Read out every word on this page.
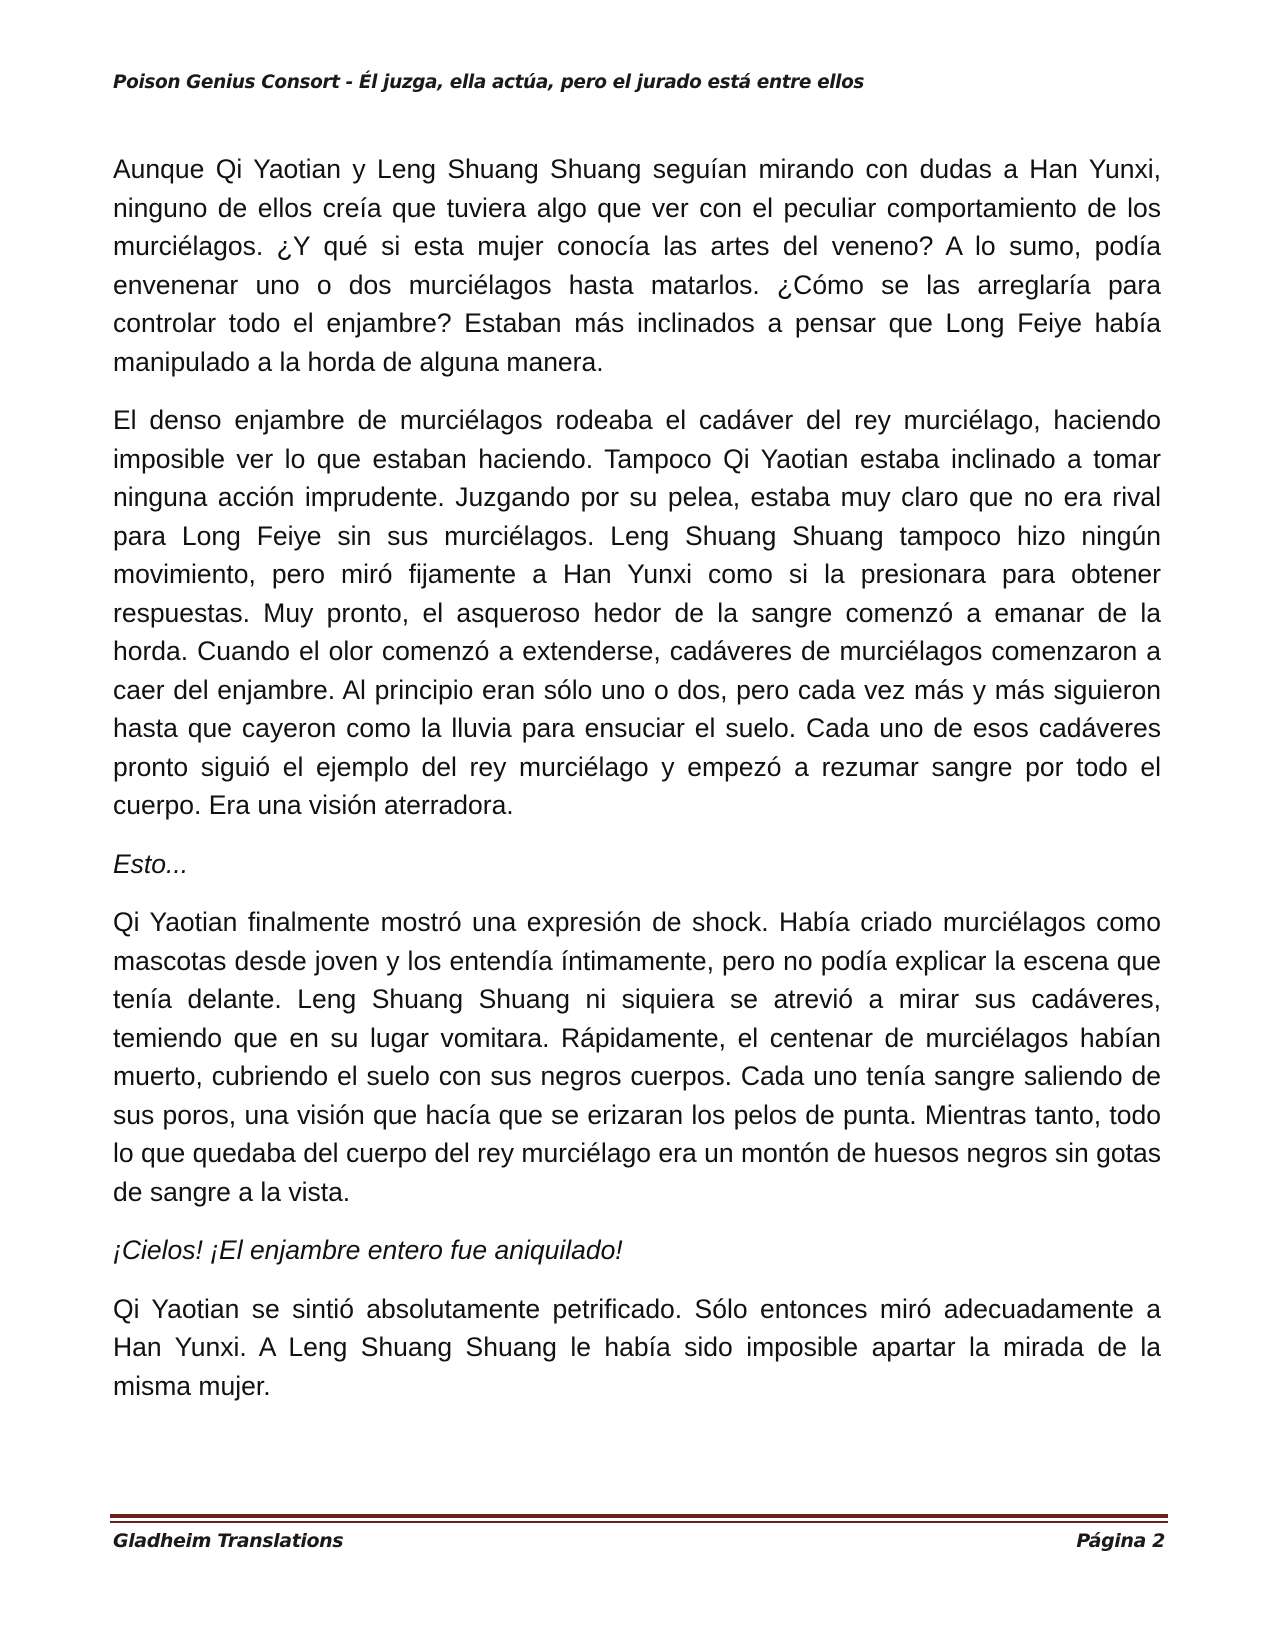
Poison Genius Consort - Él juzga, ella actúa, pero el jurado está entre ellos

Aunque Qi Yaotian y Leng Shuang Shuang seguían mirando con dudas a Han Yunxi, ninguno de ellos creía que tuviera algo que ver con el peculiar comportamiento de los murciélagos. ¿Y qué si esta mujer conocía las artes del veneno? A lo sumo, podía envenenar uno o dos murciélagos hasta matarlos. ¿Cómo se las arreglaría para controlar todo el enjambre? Estaban más inclinados a pensar que Long Feiye había manipulado a la horda de alguna manera.

El denso enjambre de murciélagos rodeaba el cadáver del rey murciélago, haciendo imposible ver lo que estaban haciendo. Tampoco Qi Yaotian estaba inclinado a tomar ninguna acción imprudente. Juzgando por su pelea, estaba muy claro que no era rival para Long Feiye sin sus murciélagos. Leng Shuang Shuang tampoco hizo ningún movimiento, pero miró fijamente a Han Yunxi como si la presionara para obtener respuestas. Muy pronto, el asqueroso hedor de la sangre comenzó a emanar de la horda. Cuando el olor comenzó a extenderse, cadáveres de murciélagos comenzaron a caer del enjambre. Al principio eran sólo uno o dos, pero cada vez más y más siguieron hasta que cayeron como la lluvia para ensuciar el suelo. Cada uno de esos cadáveres pronto siguió el ejemplo del rey murciélago y empezó a rezumar sangre por todo el cuerpo. Era una visión aterradora.

Esto...

Qi Yaotian finalmente mostró una expresión de shock. Había criado murciélagos como mascotas desde joven y los entendía íntimamente, pero no podía explicar la escena que tenía delante. Leng Shuang Shuang ni siquiera se atrevió a mirar sus cadáveres, temiendo que en su lugar vomitara. Rápidamente, el centenar de murciélagos habían muerto, cubriendo el suelo con sus negros cuerpos. Cada uno tenía sangre saliendo de sus poros, una visión que hacía que se erizaran los pelos de punta. Mientras tanto, todo lo que quedaba del cuerpo del rey murciélago era un montón de huesos negros sin gotas de sangre a la vista.

¡Cielos! ¡El enjambre entero fue aniquilado!

Qi Yaotian se sintió absolutamente petrificado. Sólo entonces miró adecuadamente a Han Yunxi. A Leng Shuang Shuang le había sido imposible apartar la mirada de la misma mujer.

Gladheim Translations	Página 2
